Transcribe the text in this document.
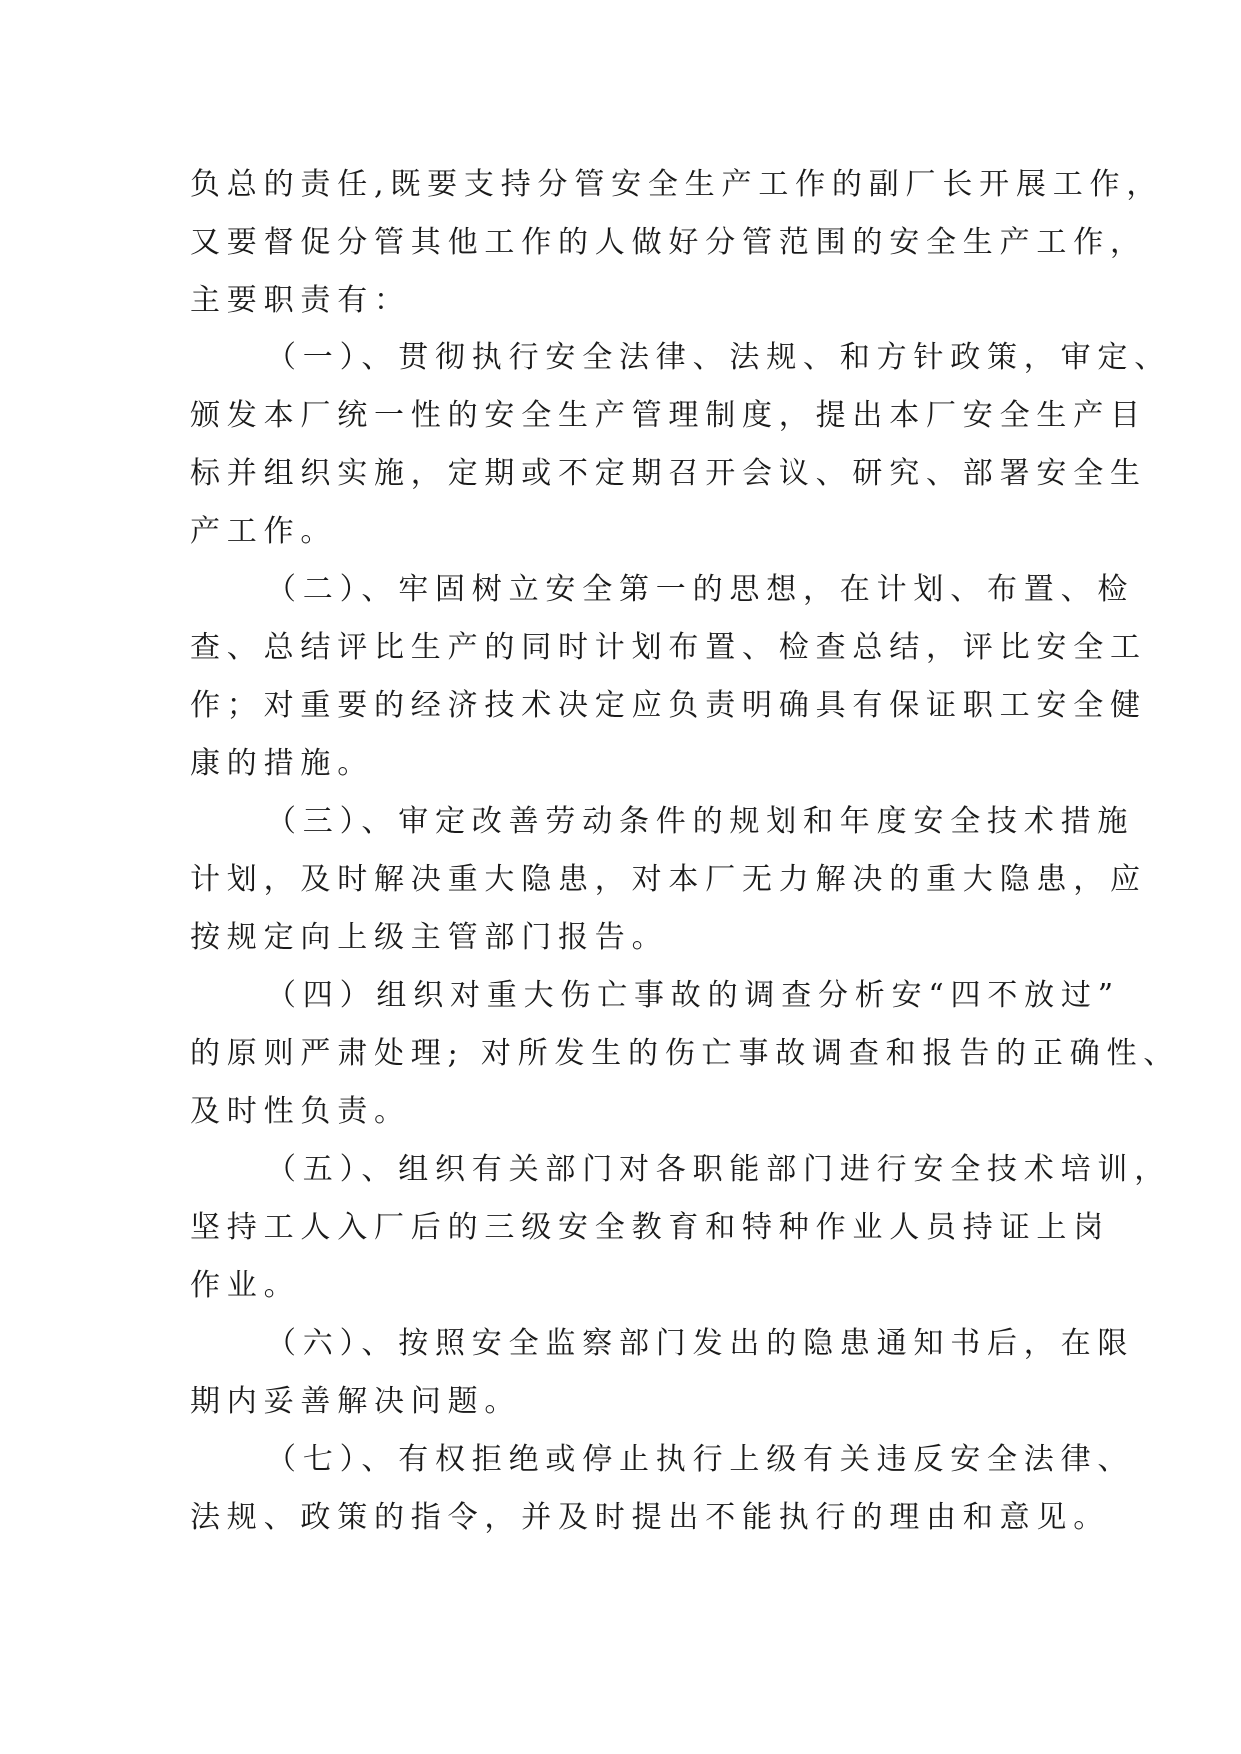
负总的责任,既要支持分管安全生产工作的副厂长开展工作，
又要督促分管其他工作的人做好分管范围的安全生产工作，
主要职责有：
（一）、贯彻执行安全法律、法规、和方针政策，审定、
颁发本厂统一性的安全生产管理制度，提出本厂安全生产目
标并组织实施，定期或不定期召开会议、研究、部署安全生
产工作。
（二）、牢固树立安全第一的思想，在计划、布置、检
查、总结评比生产的同时计划布置、检查总结，评比安全工
作；对重要的经济技术决定应负责明确具有保证职工安全健
康的措施。
（三）、审定改善劳动条件的规划和年度安全技术措施
计划，及时解决重大隐患，对本厂无力解决的重大隐患，应
按规定向上级主管部门报告。
（四）组织对重大伤亡事故的调查分析安“四不放过”
的原则严肃处理; 对所发生的伤亡事故调查和报告的正确性、
及时性负责。
（五）、组织有关部门对各职能部门进行安全技术培训，
坚持工人入厂后的三级安全教育和特种作业人员持证上岗
作业。
（六）、按照安全监察部门发出的隐患通知书后，在限
期内妥善解决问题。
（七）、有权拒绝或停止执行上级有关违反安全法律、
法规、政策的指令，并及时提出不能执行的理由和意见。
